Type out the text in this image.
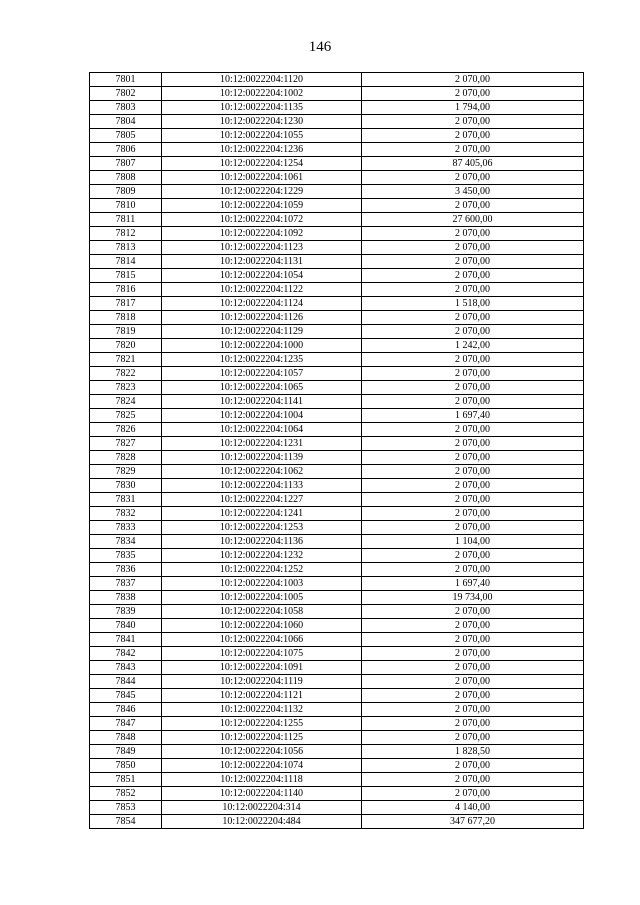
146
7801	10:12:0022204:1120	2 070,00
7802	10:12:0022204:1002	2 070,00
7803	10:12:0022204:1135	1 794,00
7804	10:12:0022204:1230	2 070,00
7805	10:12:0022204:1055	2 070,00
7806	10:12:0022204:1236	2 070,00
7807	10:12:0022204:1254	87 405,06
7808	10:12:0022204:1061	2 070,00
7809	10:12:0022204:1229	3 450,00
7810	10:12:0022204:1059	2 070,00
7811	10:12:0022204:1072	27 600,00
7812	10:12:0022204:1092	2 070,00
7813	10:12:0022204:1123	2 070,00
7814	10:12:0022204:1131	2 070,00
7815	10:12:0022204:1054	2 070,00
7816	10:12:0022204:1122	2 070,00
7817	10:12:0022204:1124	1 518,00
7818	10:12:0022204:1126	2 070,00
7819	10:12:0022204:1129	2 070,00
7820	10:12:0022204:1000	1 242,00
7821	10:12:0022204:1235	2 070,00
7822	10:12:0022204:1057	2 070,00
7823	10:12:0022204:1065	2 070,00
7824	10:12:0022204:1141	2 070,00
7825	10:12:0022204:1004	1 697,40
7826	10:12:0022204:1064	2 070,00
7827	10:12:0022204:1231	2 070,00
7828	10:12:0022204:1139	2 070,00
7829	10:12:0022204:1062	2 070,00
7830	10:12:0022204:1133	2 070,00
7831	10:12:0022204:1227	2 070,00
7832	10:12:0022204:1241	2 070,00
7833	10:12:0022204:1253	2 070,00
7834	10:12:0022204:1136	1 104,00
7835	10:12:0022204:1232	2 070,00
7836	10:12:0022204:1252	2 070,00
7837	10:12:0022204:1003	1 697,40
7838	10:12:0022204:1005	19 734,00
7839	10:12:0022204:1058	2 070,00
7840	10:12:0022204:1060	2 070,00
7841	10:12:0022204:1066	2 070,00
7842	10:12:0022204:1075	2 070,00
7843	10:12:0022204:1091	2 070,00
7844	10:12:0022204:1119	2 070,00
7845	10:12:0022204:1121	2 070,00
7846	10:12:0022204:1132	2 070,00
7847	10:12:0022204:1255	2 070,00
7848	10:12:0022204:1125	2 070,00
7849	10:12:0022204:1056	1 828,50
7850	10:12:0022204:1074	2 070,00
7851	10:12:0022204:1118	2 070,00
7852	10:12:0022204:1140	2 070,00
7853	10:12:0022204:314	4 140,00
7854	10:12:0022204:484	347 677,20
